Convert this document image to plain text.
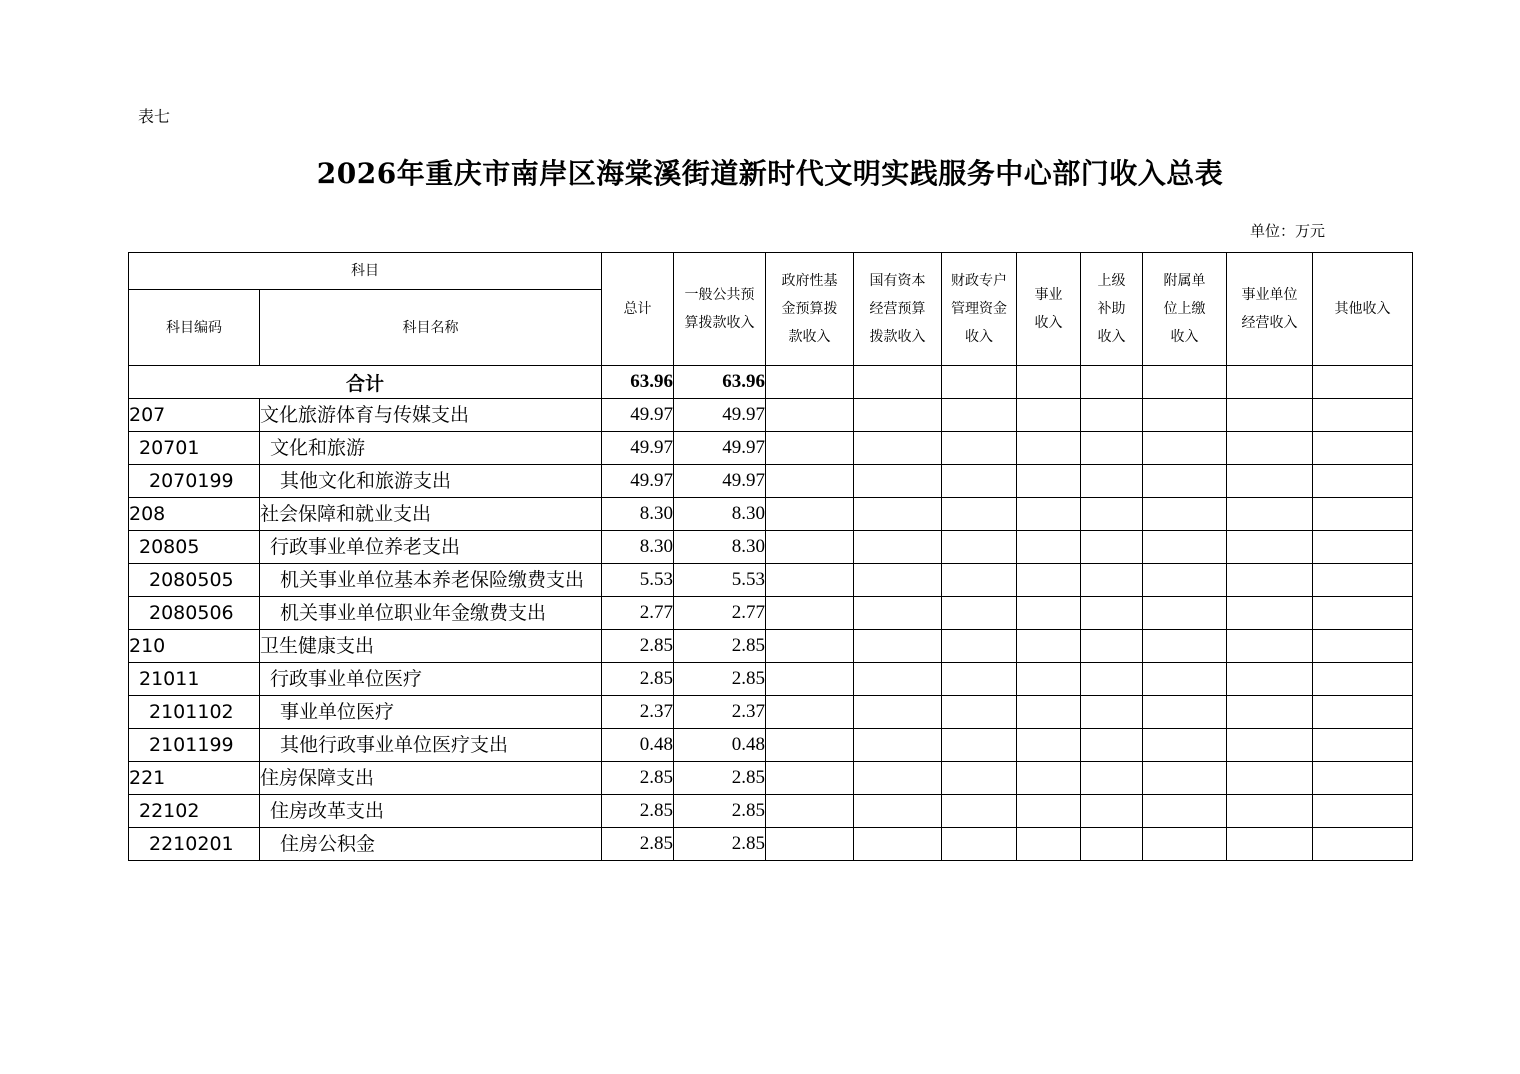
表七
2026年重庆市南岸区海棠溪街道新时代文明实践服务中心部门收入总表
单位：万元
科目		总计	一般公共预算拨款收入	政府性基金预算拨款收入	国有资本经营预算拨款收入	财政专户管理资金收入	事业收入	上级补助收入	附属单位上缴收入	事业单位经营收入	其他收入
科目编码	科目名称										
合计		63.96	63.96								
207	文化旅游体育与传媒支出	49.97	49.97								
20701	文化和旅游	49.97	49.97								
2070199	其他文化和旅游支出	49.97	49.97								
208	社会保障和就业支出	8.30	8.30								
20805	行政事业单位养老支出	8.30	8.30								
2080505	机关事业单位基本养老保险缴费支出	5.53	5.53								
2080506	机关事业单位职业年金缴费支出	2.77	2.77								
210	卫生健康支出	2.85	2.85								
21011	行政事业单位医疗	2.85	2.85								
2101102	事业单位医疗	2.37	2.37								
2101199	其他行政事业单位医疗支出	0.48	0.48								
221	住房保障支出	2.85	2.85								
22102	住房改革支出	2.85	2.85								
2210201	住房公积金	2.85	2.85								
